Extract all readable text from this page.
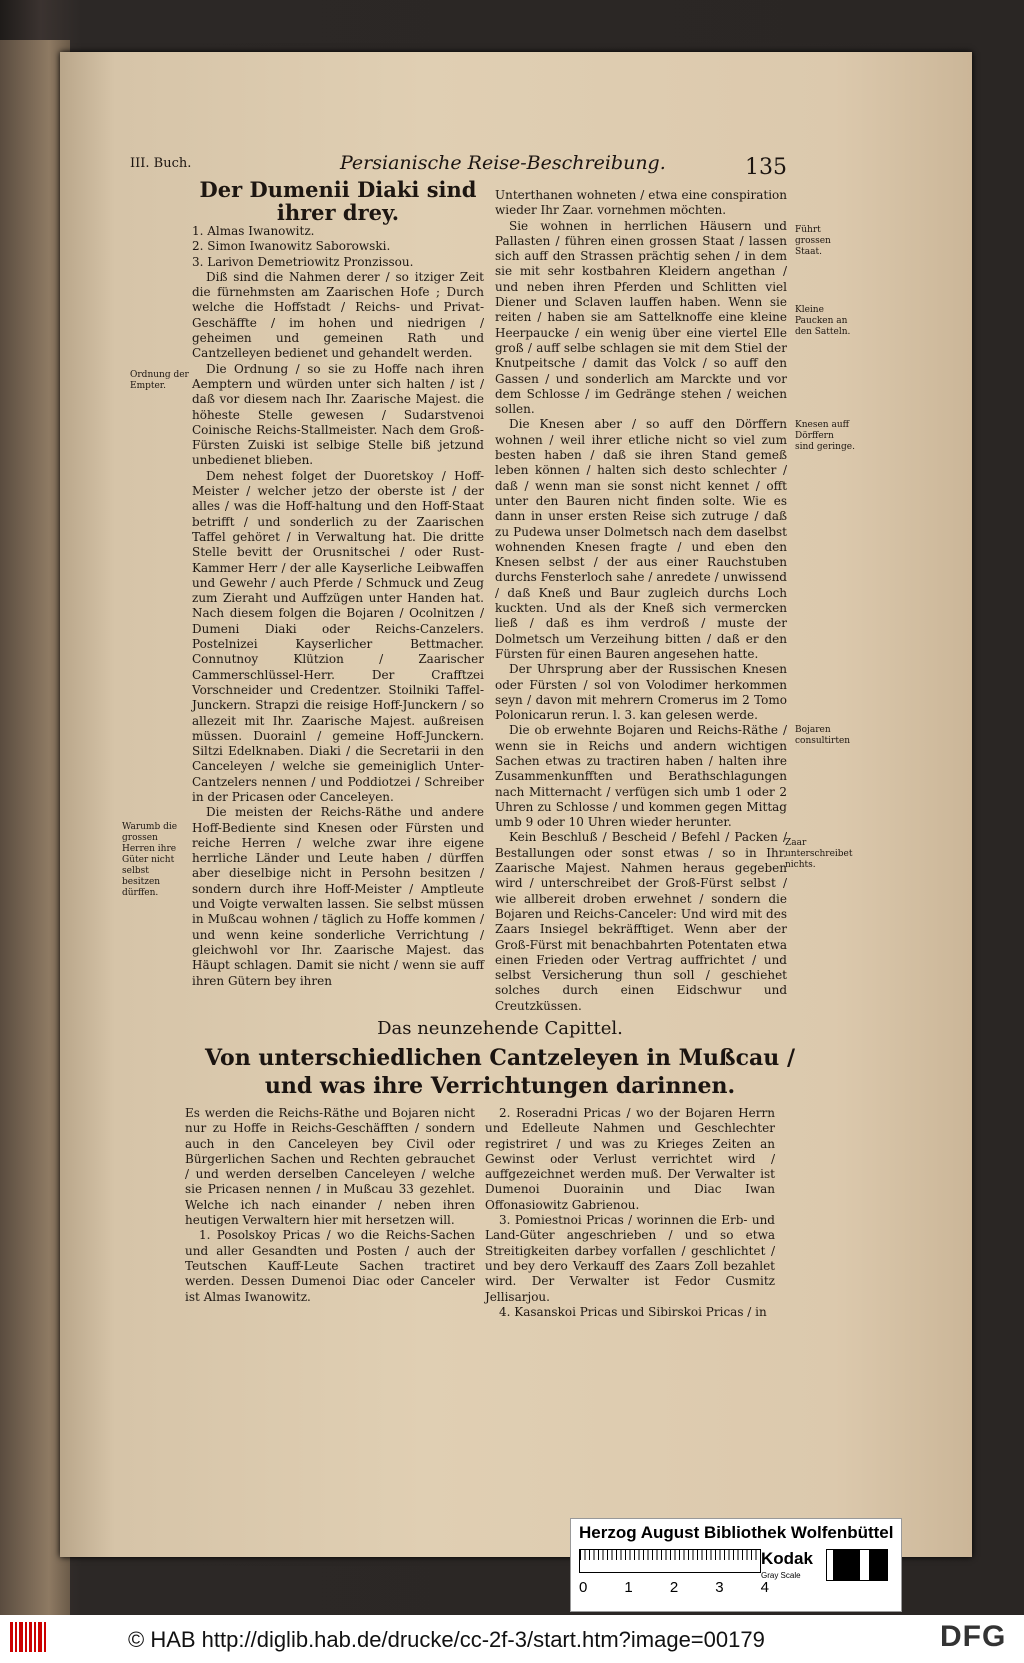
III. Buch.	Persianische Reise-Beschreibung.	135
Der Dumenii Diaki sind ihrer drey.
1. Almas Iwanowitz.
2. Simon Iwanowitz Saborowski.
3. Larivon Demetriowitz Pronzissou.

Diß sind die Nahmen derer / so itziger Zeit die fürnehmsten am Zaarischen Hofe ; Durch welche die Hoffstadt / Reichs- und Privat-Geschäffte / im hohen und niedrigen / geheimen und gemeinen Rath und Cantzelleyen bedienet und gehandelt werden.

Die Ordnung / so sie zu Hoffe nach ihren Aemptern und würden unter sich halten / ist / daß vor diesem nach Ihr. Zaarische Majest. die höheste Stelle gewesen / Sudarstvenoi Coinische Reichs-Stallmeister. Nach dem Groß-Fürsten Zuiski ist selbige Stelle biß jetzund unbedienet blieben.

Dem nehest folget der Duoretskoy / Hoff-Meister / welcher jetzo der oberste ist / der alles / was die Hoff-haltung und den Hoff-Staat betrifft / und sonderlich zu der Zaarischen Taffel gehöret / in Verwaltung hat. Die dritte Stelle bevitt der Orusnitschei / oder Rust-Kammer Herr / der alle Kayserliche Leibwaffen und Gewehr / auch Pferde / Schmuck und Zeug zum Zieraht und Auffzügen unter Handen hat. Nach diesem folgen die Bojaren / Ocolnitzen / Dumeni Diaki oder Reichs-Canzelers. Postelnizei Kayserlicher Bettmacher. Connutnoy Klützion / Zaarischer Cammerschlüssel-Herr. Der Crafftzei Vorschneider und Credentzer. Stoilniki Taffel-Junckern. Strapzi die reisige Hoff-Junckern / so allezeit mit Ihr. Zaarische Majest. außreisen müssen. Duorainl / gemeine Hoff-Junckern. Siltzi Edelknaben. Diaki / die Secretarii in den Canceleyen / welche sie gemeiniglich Unter-Cantzelers nennen / und Poddiotzei / Schreiber in der Pricasen oder Canceleyen.

Die meisten der Reichs-Räthe und andere Hoff-Bediente sind Knesen oder Fürsten und reiche Herren / welche zwar ihre eigene herrliche Länder und Leute haben / dürffen aber dieselbige nicht in Persohn besitzen / sondern durch ihre Hoff-Meister / Amptleute und Voigte verwalten lassen. Sie selbst müssen in Mußcau wohnen / täglich zu Hoffe kommen / und wenn keine sonderliche Verrichtung / gleichwohl vor Ihr. Zaarische Majest. das Häupt schlagen. Damit sie nicht / wenn sie auff ihren Gütern bey ihren

Unterthanen wohneten / etwa eine conspiration wieder Ihr Zaar. vornehmen möchten.

Sie wohnen in herrlichen Häusern und Pallasten / führen einen grossen Staat / lassen sich auff den Strassen prächtig sehen / in dem sie mit sehr kostbahren Kleidern angethan / und neben ihren Pferden und Schlitten viel Diener und Sclaven lauffen haben. Wenn sie reiten / haben sie am Sattelknoffe eine kleine Heerpaucke / ein wenig über eine viertel Elle groß / auff selbe schlagen sie mit dem Stiel der Knutpeitsche / damit das Volck / so auff den Gassen / und sonderlich am Marckte und vor dem Schlosse / im Gedränge stehen / weichen sollen.

Die Knesen aber / so auff den Dörffern wohnen / weil ihrer etliche nicht so viel zum besten haben / daß sie ihren Stand gemeß leben können / halten sich desto schlechter / daß / wenn man sie sonst nicht kennet / offt unter den Bauren nicht finden solte. Wie es dann in unser ersten Reise sich zutruge / daß zu Pudewa unser Dolmetsch nach dem daselbst wohnenden Knesen fragte / und eben den Knesen selbst / der aus einer Rauchstuben durchs Fensterloch sahe / anredete / unwissend / daß Kneß und Baur zugleich durchs Loch kuckten. Und als der Kneß sich vermercken ließ / daß es ihm verdroß / muste der Dolmetsch um Verzeihung bitten / daß er den Fürsten für einen Bauren angesehen hatte.

Der Uhrsprung aber der Russischen Knesen oder Fürsten / sol von Volodimer herkommen seyn / davon mit mehrern Cromerus im 2 Tomo Polonicarun rerun. l. 3. kan gelesen werde.

Die ob erwehnte Bojaren und Reichs-Räthe / wenn sie in Reichs und andern wichtigen Sachen etwas zu tractiren haben / halten ihre Zusammenkunfften und Berathschlagungen nach Mitternacht / verfügen sich umb 1 oder 2 Uhren zu Schlosse / und kommen gegen Mittag umb 9 oder 10 Uhren wieder herunter.

Kein Beschluß / Bescheid / Befehl / Packen / Bestallungen oder sonst etwas / so in Ihr. Zaarische Majest. Nahmen heraus gegeben wird / unterschreibet der Groß-Fürst selbst / wie allbereit droben erwehnet / sondern die Bojaren und Reichs-Canceler: Und wird mit des Zaars Insiegel bekräfftiget. Wenn aber der Groß-Fürst mit benachbahrten Potentaten etwa einen Frieden oder Vertrag auffrichtet / und selbst Versicherung thun soll / geschiehet solches durch einen Eidschwur und Creutzküssen.

Ordnung der Empter.
Warumb die grossen Herren ihre Güter nicht selbst besitzen dürffen.
Führt grossen Staat.
Kleine Paucken an den Satteln.
Knesen auff Dörffern sind geringe.
Bojaren consultirten
Zaar unterschreibet nichts.
Das neunzehende Capittel.
Von unterschiedlichen Cantzeleyen in Mußcau / und was ihre Verrichtungen darinnen.

Es werden die Reichs-Räthe und Bojaren nicht nur zu Hoffe in Reichs-Geschäfften / sondern auch in den Canceleyen bey Civil oder Bürgerlichen Sachen und Rechten gebrauchet / und werden derselben Canceleyen / welche sie Pricasen nennen / in Mußcau 33 gezehlet. Welche ich nach einander / neben ihren heutigen Verwaltern hier mit hersetzen will.

1. Posolskoy Pricas / wo die Reichs-Sachen und aller Gesandten und Posten / auch der Teutschen Kauff-Leute Sachen tractiret werden. Dessen Dumenoi Diac oder Canceler ist Almas Iwanowitz.

2. Roseradni Pricas / wo der Bojaren Herrn und Edelleute Nahmen und Geschlechter registriret / und was zu Krieges Zeiten an Gewinst oder Verlust verrichtet wird / auffgezeichnet werden muß. Der Verwalter ist Dumenoi Duorainin und Diac Iwan Offonasiowitz Gabrienou.

3. Pomiestnoi Pricas / worinnen die Erb- und Land-Güter angeschrieben / und so etwa Streitigkeiten darbey vorfallen / geschlichtet / und bey dero Verkauff des Zaars Zoll bezahlet wird. Der Verwalter ist Fedor Cusmitz Jellisarjou.

4. Kasanskoi Pricas und Sibirskoi Pricas / in

Herzog August Bibliothek Wolfenbüttel
0 1 2 3 4
Kodak
Gray Scale
© HAB http://diglib.hab.de/drucke/cc-2f-3/start.htm?image=00179	DFG
